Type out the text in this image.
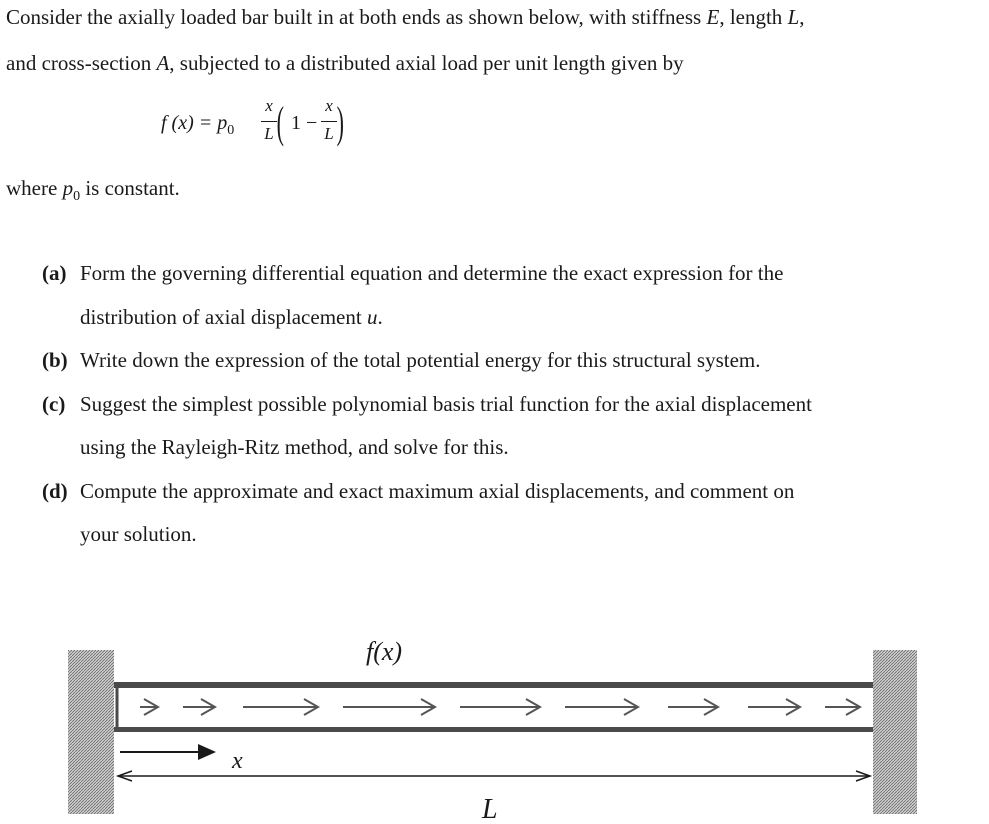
Consider the axially loaded bar built in at both ends as shown below, with stiffness E, length L,
and cross-section A, subjected to a distributed axial load per unit length given by
f $(x) = p_0$
x
L ( 1 −
x
L )
where $p_0$ is constant.
(a) Form the governing differential equation and determine the exact expression for the
distribution of axial displacement u.
(b) Write down the expression of the total potential energy for this structural system.
(c) Suggest the simplest possible polynomial basis trial function for the axial displacement
using the Rayleigh-Ritz method, and solve for this.
(d) Compute the approximate and exact maximum axial displacements, and comment on
your solution.
f(x)
x
L
